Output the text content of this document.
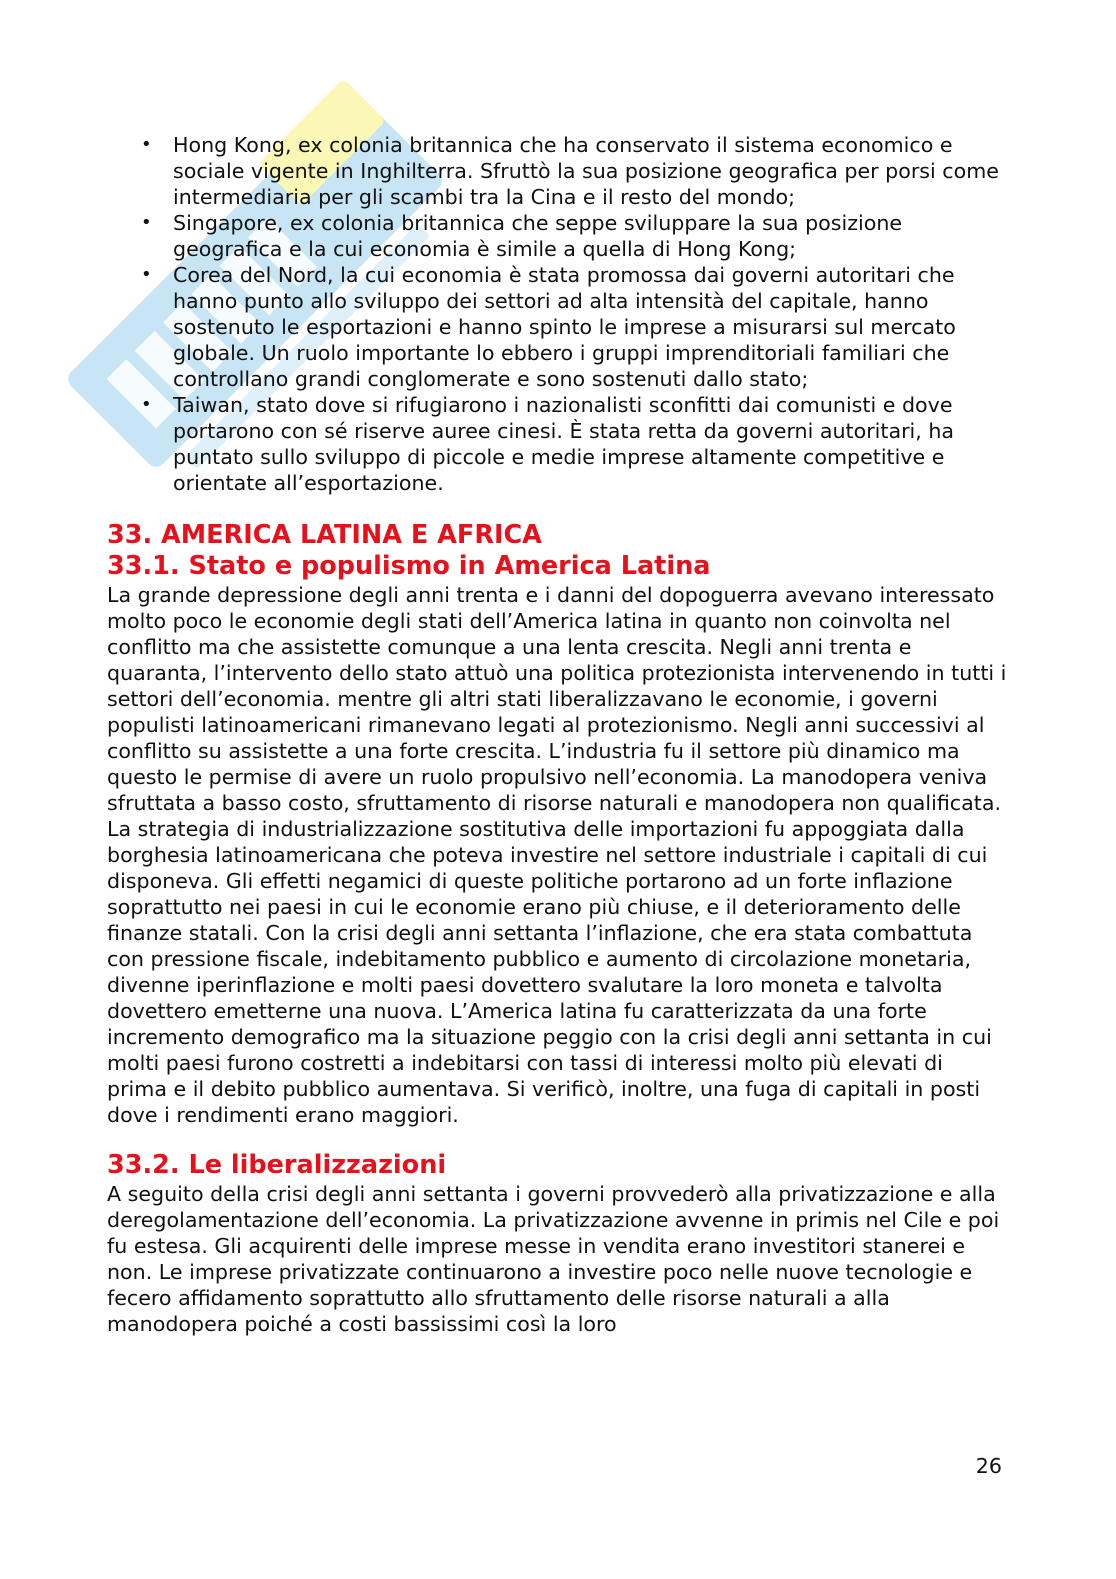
• Hong Kong, ex colonia britannica che ha conservato il sistema economico e sociale vigente in Inghilterra. Sfruttò la sua posizione geografica per porsi come intermediaria per gli scambi tra la Cina e il resto del mondo;
• Singapore, ex colonia britannica che seppe sviluppare la sua posizione geografica e la cui economia è simile a quella di Hong Kong;
• Corea del Nord, la cui economia è stata promossa dai governi autoritari che hanno punto allo sviluppo dei settori ad alta intensità del capitale, hanno sostenuto le esportazioni e hanno spinto le imprese a misurarsi sul mercato globale. Un ruolo importante lo ebbero i gruppi imprenditoriali familiari che controllano grandi conglomerate e sono sostenuti dallo stato;
• Taiwan, stato dove si rifugiarono i nazionalisti sconfitti dai comunisti e dove portarono con sé riserve auree cinesi. È stata retta da governi autoritari, ha puntato sullo sviluppo di piccole e medie imprese altamente competitive e orientate all’esportazione.
33. AMERICA LATINA E AFRICA
33.1. Stato e populismo in America Latina

La grande depressione degli anni trenta e i danni del dopoguerra avevano interessato molto poco le economie degli stati dell’America latina in quanto non coinvolta nel conflitto ma che assistette comunque a una lenta crescita. Negli anni trenta e quaranta, l’intervento dello stato attuò una politica protezionista intervenendo in tutti i settori dell’economia. mentre gli altri stati liberalizzavano le economie, i governi populisti latinoamericani rimanevano legati al protezionismo. Negli anni successivi al conflitto su assistette a una forte crescita. L’industria fu il settore più dinamico ma questo le permise di avere un ruolo propulsivo nell’economia. La manodopera veniva sfruttata a basso costo, sfruttamento di risorse naturali e manodopera non qualificata. La strategia di industrializzazione sostitutiva delle importazioni fu appoggiata dalla borghesia latinoamericana che poteva investire nel settore industriale i capitali di cui disponeva. Gli effetti negamici di queste politiche portarono ad un forte inflazione soprattutto nei paesi in cui le economie erano più chiuse, e il deterioramento delle finanze statali. Con la crisi degli anni settanta l’inflazione, che era stata combattuta con pressione fiscale, indebitamento pubblico e aumento di circolazione monetaria, divenne iperinflazione e molti paesi dovettero svalutare la loro moneta e talvolta dovettero emetterne una nuova. L’America latina fu caratterizzata da una forte incremento demografico ma la situazione peggio con la crisi degli anni settanta in cui molti paesi furono costretti a indebitarsi con tassi di interessi molto più elevati di prima e il debito pubblico aumentava. Si verificò, inoltre, una fuga di capitali in posti dove i rendimenti erano maggiori.

33.2. Le liberalizzazioni

A seguito della crisi degli anni settanta i governi provvederò alla privatizzazione e alla deregolamentazione dell’economia. La privatizzazione avvenne in primis nel Cile e poi fu estesa. Gli acquirenti delle imprese messe in vendita erano investitori stanerei e non. Le imprese privatizzate continuarono a investire poco nelle nuove tecnologie e fecero affidamento soprattutto allo sfruttamento delle risorse naturali a alla manodopera poiché a costi bassissimi così la loro

26
